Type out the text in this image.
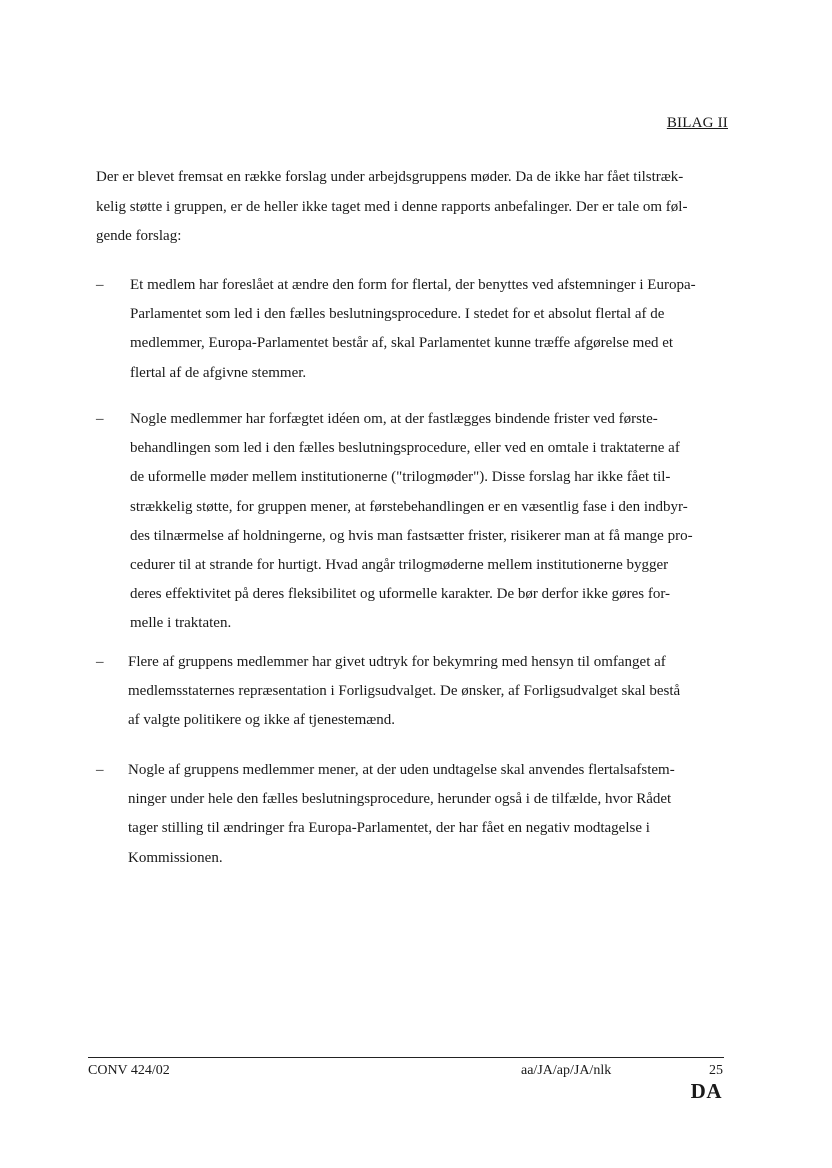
BILAG II
Der er blevet fremsat en række forslag under arbejdsgruppens møder. Da de ikke har fået tilstræk-
kelig støtte i gruppen, er de heller ikke taget med i denne rapports anbefalinger. Der er tale om føl-
gende forslag:
–	Et medlem har foreslået at ændre den form for flertal, der benyttes ved afstemninger i Europa-
Parlamentet som led i den fælles beslutningsprocedure. I stedet for et absolut flertal af de
medlemmer, Europa-Parlamentet består af, skal Parlamentet kunne træffe afgørelse med et
flertal af de afgivne stemmer.
–	Nogle medlemmer har forfægtet idéen om, at der fastlægges bindende frister ved første-
behandlingen som led i den fælles beslutningsprocedure, eller ved en omtale i traktaterne af
de uformelle møder mellem institutionerne ("trilogmøder"). Disse forslag har ikke fået til-
strækkelig støtte, for gruppen mener, at førstebehandlingen er en væsentlig fase i den indbyr-
des tilnærmelse af holdningerne, og hvis man fastsætter frister, risikerer man at få mange pro-
cedurer til at strande for hurtigt. Hvad angår trilogmøderne mellem institutionerne bygger
deres effektivitet på deres fleksibilitet og uformelle karakter. De bør derfor ikke gøres for-
melle i traktaten.
–	Flere af gruppens medlemmer har givet udtryk for bekymring med hensyn til omfanget af
medlemsstaternes repræsentation i Forligsudvalget. De ønsker, af Forligsudvalget skal bestå
af valgte politikere og ikke af tjenestemænd.
–	Nogle af gruppens medlemmer mener, at der uden undtagelse skal anvendes flertalsafstem-
ninger under hele den fælles beslutningsprocedure, herunder også i de tilfælde, hvor Rådet
tager stilling til ændringer fra Europa-Parlamentet, der har fået en negativ modtagelse i
Kommissionen.
CONV 424/02	aa/JA/ap/JA/nlk	25
DA
